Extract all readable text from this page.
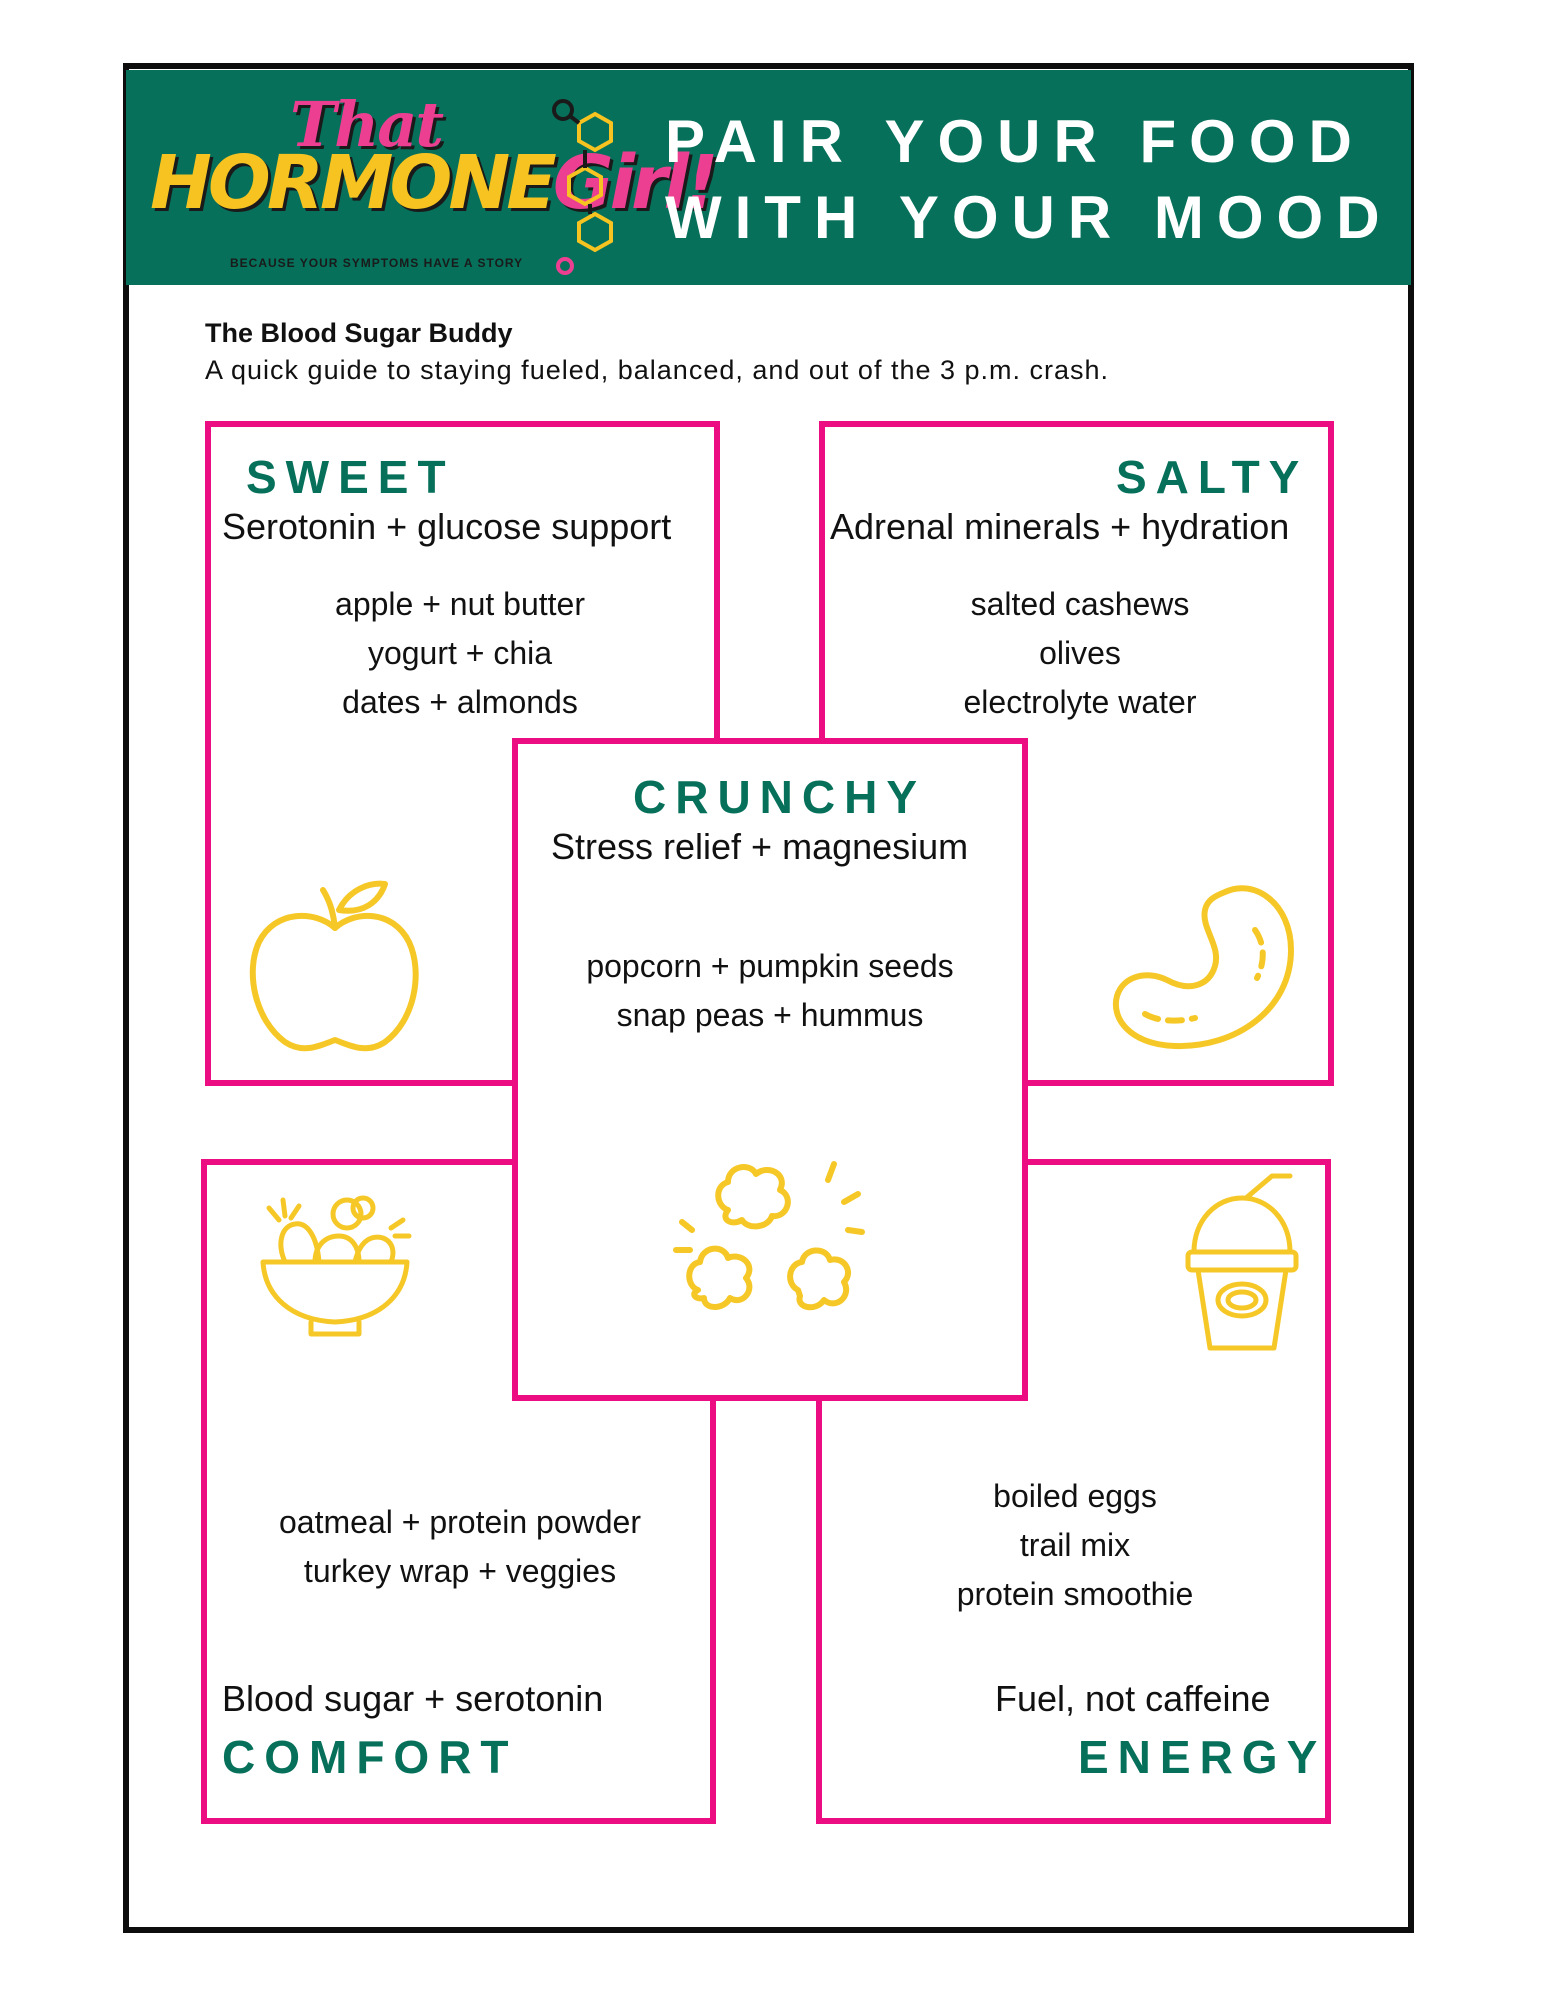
That
HORMONEGirl!
BECAUSE YOUR SYMPTOMS HAVE A STORY
PAIR YOUR FOOD
WITH YOUR MOOD
The Blood Sugar Buddy
A quick guide to staying fueled, balanced, and out of the 3 p.m. crash.
SWEET
Serotonin + glucose support
apple + nut butter
yogurt + chia
dates + almonds
SALTY
Adrenal minerals + hydration
salted cashews
olives
electrolyte water
oatmeal + protein powder
turkey wrap + veggies
Blood sugar + serotonin
COMFORT
boiled eggs
trail mix
protein smoothie
Fuel, not caffeine
ENERGY
CRUNCHY
Stress relief + magnesium
popcorn + pumpkin seeds
snap peas + hummus
